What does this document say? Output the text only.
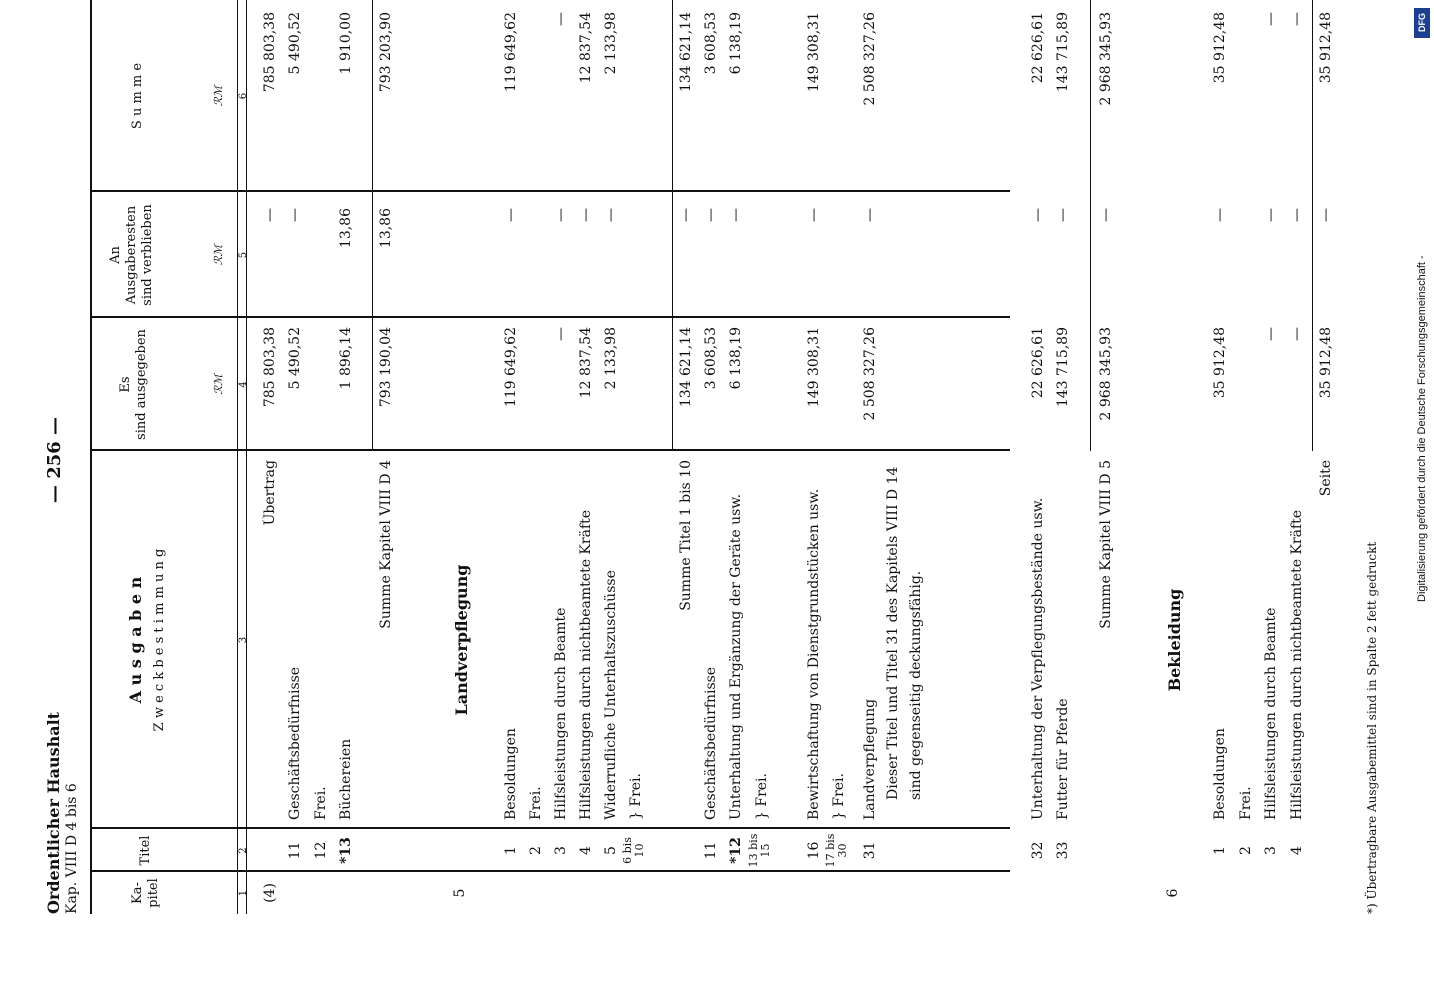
DFG
Digitalisierung gefördert durch die Deutsche Forschungsgemeinschaft -
Ordentlicher Haushalt Kap. VIII D 4 bis 6
— 256 —
Ka-
pitel
Titel
A u s g a b e n Z w e c k b e s t i m m u n g
Es
sind ausgegeben
An
Ausgaberesten
sind verblieben
S u m m e
ℛℳ
ℛℳ
ℛℳ
1
2
3
4
5
6
(4)
Übertrag
785 803,38
—
785 803,38
11
Geschäftsbedürfnisse
5 490,52
—
5 490,52
12
Frei.
*13
Büchereien
1 896,14
13,86
1 910,00
Summe Kapitel VIII D 4
793 190,04
13,86
793 203,90
5
Landverpflegung
1
Besoldungen
119 649,62
—
119 649,62
2
Frei.
3
Hilfsleistungen durch Beamte
—
—
—
4
Hilfsleistungen durch nichtbeamtete Kräfte
12 837,54
—
12 837,54
5
Widerrufliche Unterhaltszuschüsse
2 133,98
—
2 133,98
6 bis 10
} Frei.
Summe Titel 1 bis 10
134 621,14
—
134 621,14
11
Geschäftsbedürfnisse
3 608,53
—
3 608,53
*12
Unterhaltung und Ergänzung der Geräte usw.
6 138,19
—
6 138,19
13 bis 15
} Frei.
16
Bewirtschaftung von Dienstgrundstücken usw.
149 308,31
—
149 308,31
17 bis 30
} Frei.
31
Landverpflegung
2 508 327,26
—
2 508 327,26
Dieser Titel und Titel 31 des Kapitels VIII D 14 sind gegenseitig deckungsfähig.
32
Unterhaltung der Verpflegungsbestände usw.
22 626,61
—
22 626,61
33
Futter für Pferde
143 715,89
—
143 715,89
Summe Kapitel VIII D 5
2 968 345,93
—
2 968 345,93
6
Bekleidung
1
Besoldungen
35 912,48
—
35 912,48
2
Frei.
3
Hilfsleistungen durch Beamte
—
—
—
4
Hilfsleistungen durch nichtbeamtete Kräfte
—
—
—
Seite
35 912,48
—
35 912,48
*) Übertragbare Ausgabemittel sind in Spalte 2 fett gedruckt
